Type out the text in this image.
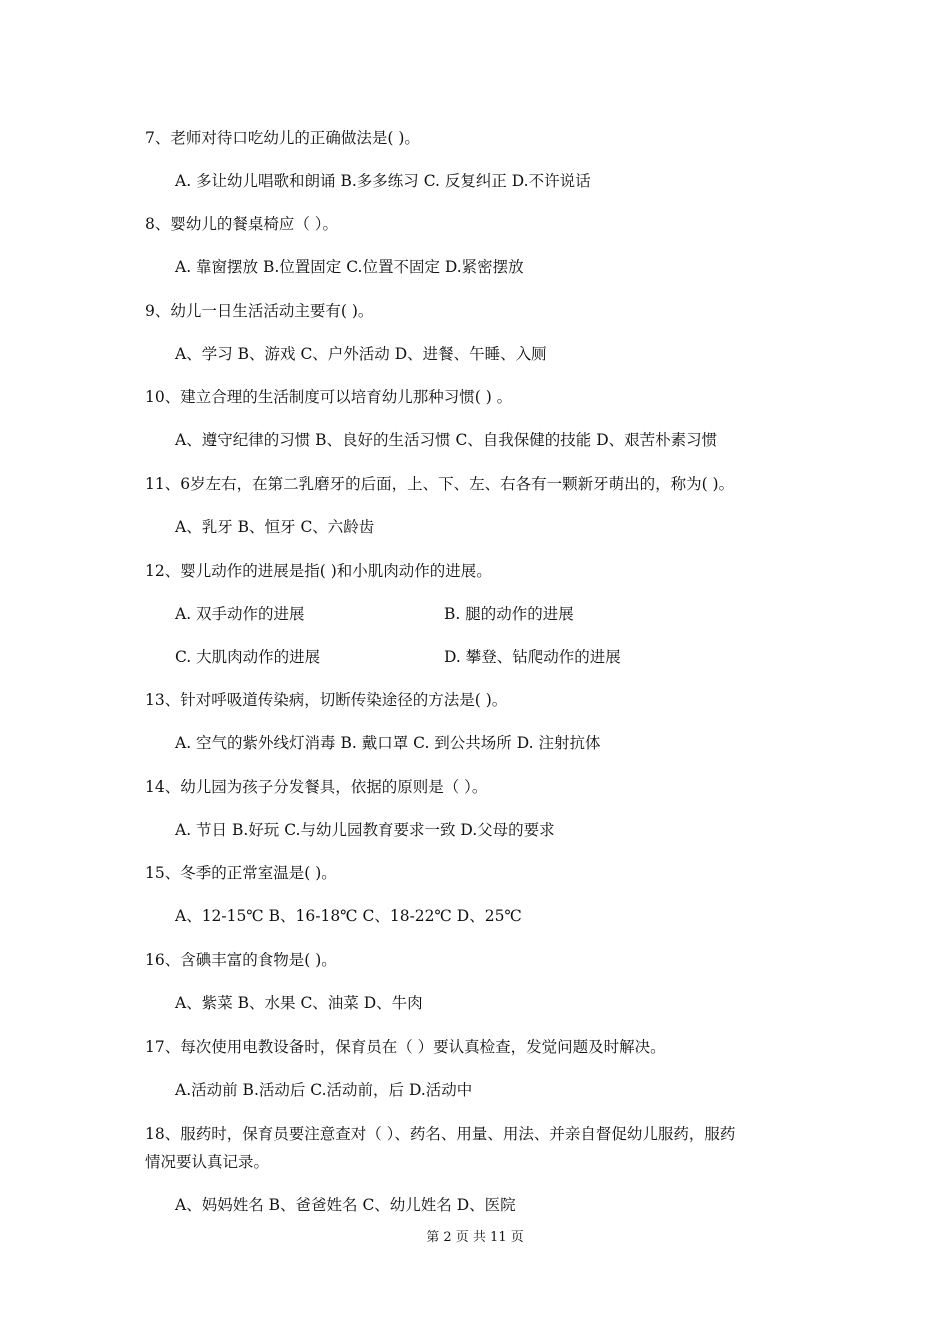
7、老师对待口吃幼儿的正确做法是( )。
A. 多让幼儿唱歌和朗诵 B.多多练习 C. 反复纠正 D.不许说话
8、婴幼儿的餐桌椅应（ ）。
A. 靠窗摆放 B.位置固定 C.位置不固定 D.紧密摆放
9、幼儿一日生活活动主要有( )。
A、学习 B、游戏 C、户外活动 D、进餐、午睡、入厕
10、建立合理的生活制度可以培育幼儿那种习惯( ) 。
A、遵守纪律的习惯 B、良好的生活习惯 C、自我保健的技能 D、艰苦朴素习惯
11、6岁左右，在第二乳磨牙的后面，上、下、左、右各有一颗新牙萌出的，称为( )。
A、乳牙 B、恒牙 C、六龄齿
12、婴儿动作的进展是指( )和小肌肉动作的进展。
A. 双手动作的进展	B. 腿的动作的进展
C. 大肌肉动作的进展	D. 攀登、钻爬动作的进展
13、针对呼吸道传染病，切断传染途径的方法是( )。
A. 空气的紫外线灯消毒 B. 戴口罩 C. 到公共场所 D. 注射抗体
14、幼儿园为孩子分发餐具，依据的原则是（ ）。
A. 节日 B.好玩 C.与幼儿园教育要求一致 D.父母的要求
15、冬季的正常室温是( )。
A、12-15℃ B、16-18℃ C、18-22℃ D、25℃
16、含碘丰富的食物是( )。
A、紫菜 B、水果 C、油菜 D、牛肉
17、每次使用电教设备时，保育员在（ ）要认真检查，发觉问题及时解决。
A.活动前 B.活动后 C.活动前，后 D.活动中
18、服药时，保育员要注意查对（ ）、药名、用量、用法、并亲自督促幼儿服药，服药
情况要认真记录。
A、妈妈姓名 B、爸爸姓名 C、幼儿姓名 D、医院
第 2 页 共 11 页
